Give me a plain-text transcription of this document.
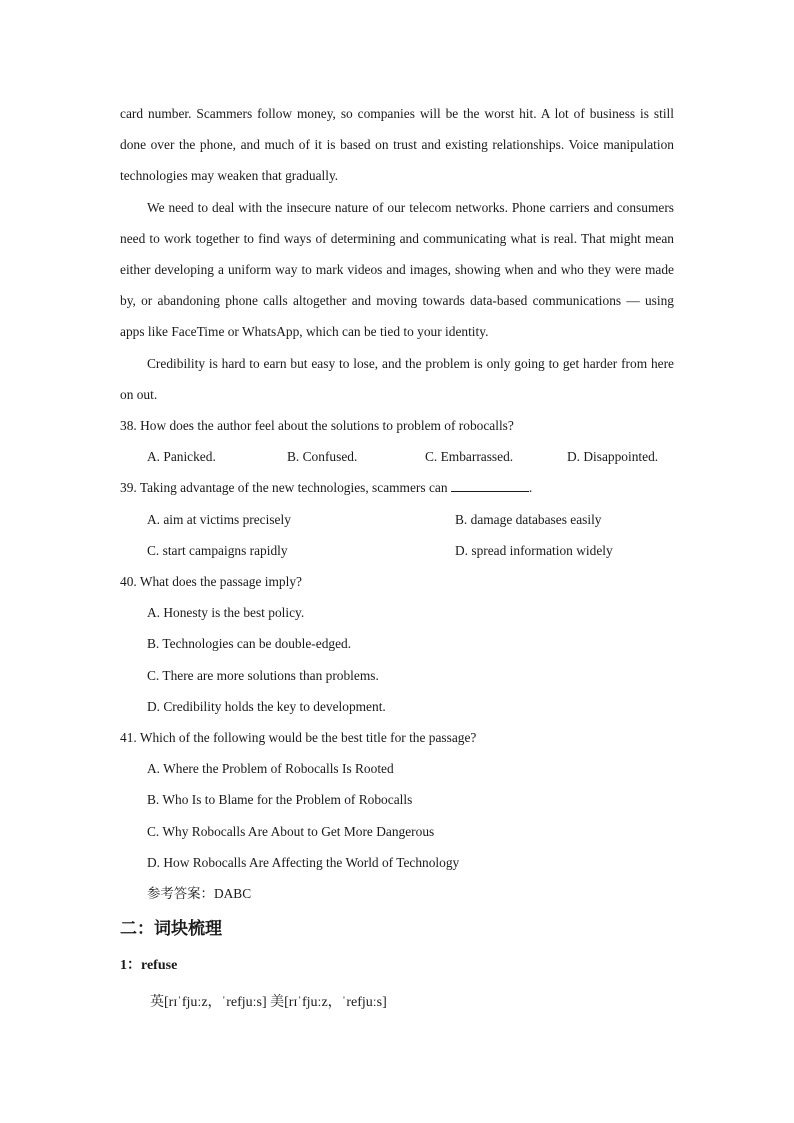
card number. Scammers follow money, so companies will be the worst hit. A lot of business is still done over the phone, and much of it is based on trust and existing relationships. Voice manipulation technologies may weaken that gradually.

We need to deal with the insecure nature of our telecom networks. Phone carriers and consumers need to work together to find ways of determining and communicating what is real. That might mean either developing a uniform way to mark videos and images, showing when and who they were made by, or abandoning phone calls altogether and moving towards data-based communications — using apps like FaceTime or WhatsApp, which can be tied to your identity.

Credibility is hard to earn but easy to lose, and the problem is only going to get harder from here on out.

38. How does the author feel about the solutions to problem of robocalls?

A. Panicked.	B. Confused.	C. Embarrassed.	D. Disappointed.

39. Taking advantage of the new technologies, scammers can	.

A. aim at victims precisely	B. damage databases easily
C. start campaigns rapidly	D. spread information widely

40. What does the passage imply?

A. Honesty is the best policy.

B. Technologies can be double-edged.

C. There are more solutions than problems.

D. Credibility holds the key to development.

41. Which of the following would be the best title for the passage?

A. Where the Problem of Robocalls Is Rooted

B. Who Is to Blame for the Problem of Robocalls

C. Why Robocalls Are About to Get More Dangerous

D. How Robocalls Are Affecting the World of Technology

参考答案：DABC

二：词块梳理

1：refuse

英[rɪˈfjuːz，ˈrefjuːs] 美[rɪˈfjuːz，ˈrefjuːs]
